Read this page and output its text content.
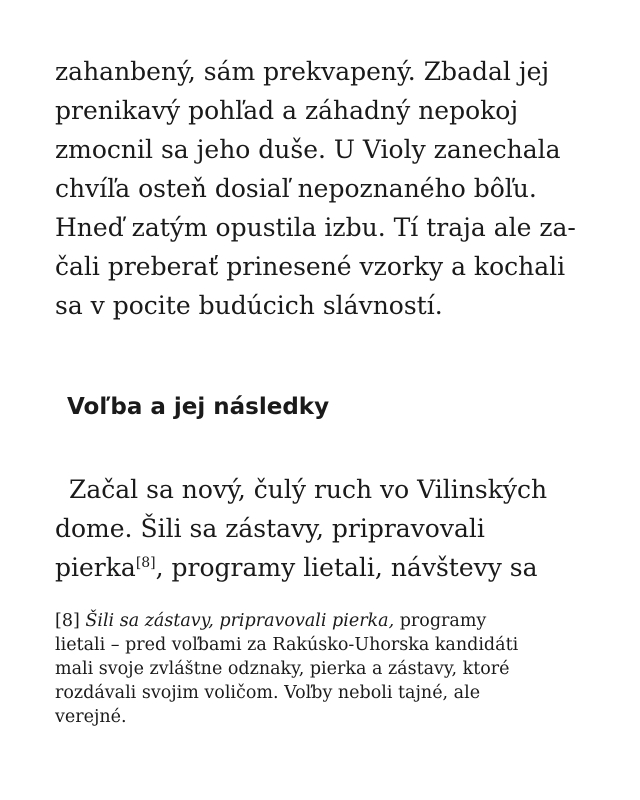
zahanbený, sám prekvapený. Zbadal jej
prenikavý pohľad a záhadný nepokoj
zmocnil sa jeho duše. U Violy zanechala
chvíľa osteň dosiaľ nepoznaného bôľu.
Hneď zatým opustila izbu. Tí traja ale za-
čali preberať prinesené vzorky a kochali
sa v pocite budúcich slávností.

Voľba a jej následky

Začal sa nový, čulý ruch vo Vilinských
dome. Šili sa zástavy, pripravovali
pierka[8], programy lietali, návštevy sa

[8] Šili sa zástavy, pripravovali pierka, programy
lietali – pred voľbami za Rakúsko-Uhorska kandidáti
mali svoje zvláštne odznaky, pierka a zástavy, ktoré
rozdávali svojim voličom. Voľby neboli tajné, ale
verejné.
